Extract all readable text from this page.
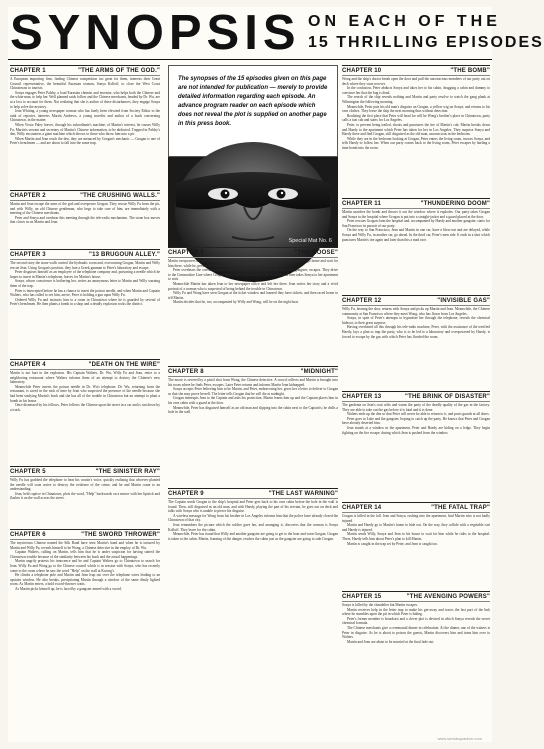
SYNOPSIS ON EACH OF THE
15 THRILLING EPISODES
CHAPTER 1	"THE ARMS OF THE GOD."

A European importing firm, finding Chinese competition too great for them, interests their Great Council representative, the beautiful Eurasian woman, Sonya Kolloff, to close the West Coast Chinatowns to tourists.

Sonya engages Peter Palsby, a loud Eurasian chemist and inventor, who helps both the Chinese and the white man, to help her. Well planned raids follow and the Chinese merchants, headed by Dr. Wu, are at a loss to account for them. Not realizing that she is author of these disturbances, they engage Sonya to help solve the mystery.

Jean Whiting, a young newspaper woman who has lately been elevated from Society Editor to the rank of reporter, interests Martin Andrews, a young novelist and author of a book concerning Chinatown, in the matter.

When Victor Paley leaves, through his subordinate's machine, of Martin's interest, he causes Willy Fu, Martin's servant and secretary of Martin's Chinese information, to be abducted. Trapped in Palsby's den, Willy encounters a giant machine which throws to those who throw him into a pit.

When Martin and Jean reach the den, they are menaced by Grogan's mechanic — Grogan is one of Peter's henchmen — and are about to fall into the same trap.

CHAPTER 2	"THE CRUSHING WALLS."

Martin and Jean escape the arms of the god and overpower Grogan. They rescue Willy Fu from the pit, and with Willy, an old Chinese gentleman, who begs to take care of him, are immediately with a meeting of the Chinese merchants.

Peter and Sonya and overhear this meeting through the tele-radio mechanism. The stone box moves that closes in on Martin and Jean.

CHAPTER 3	"13 BRUGOUN ALLEY."

The second story the stone walls control the hydraulic room and, overcoming Grogan, Martin and Willy rescue Jean. Using Grogan's position, they lure a Greek gunman to Peter's laboratory and escape.

Peter disguises himself as an employee of the telephone company and, poisoning a needle which he hopes to insert in Martin's telephone, leaves for Martin's house.

Sonya, whose conscience is bothering her, writes an anonymous letter to Martin and Willy warning them of the trap.

Peter is intercepted before he has a chance to insert the poison needle, and when Martin and Captain Walters, who has called to see him, arrive, Peter is holding a gun upon Willy Fu.

Ordered Willy Fu and instructs him to a room in Chinatown where he is guarded by several of Peter's henchmen. He then plants a bomb in a shop and a deadly explosion rocks the district.

CHAPTER 4	"DEATH ON THE WIRE"

Martin is not hurt in the explosion. His Captain Walters, Dr. Wu, Willy Fu and Jean, retire to a neighboring restaurant where Walters informs them of an attempt to destroy the Chinese's new laboratory.

Meanwhile Peter inserts the poison needle in Dr. Wu's telephone. Dr. Wu, returning from the restaurant, is saved in the nick of time by Jean who suspected the presence of the needle because she had been studying Martin's book and she has all of the trouble in Chinatown but an attempt to plant a bomb in his house.

Once dismissed by his fellows, Peter follows the Chinese upon the street in a car and is run down by a truck.

CHAPTER 5	"THE SINISTER RAY"

Willy Fu has grabbed the telephone to hear his cousin's voice, quickly realizing that whoever planted the needle will soon arrive to destroy the evidence of the crime, and he and Martin come to an understanding.

Jean, held captive in Chinatown, plots the word, "Help" backwards on a mirror with her lipstick and flashes it on the wall across the street.

CHAPTER 6	"THE SWORD THROWER"

The mysterious Chinese named the Silk Band have seen Martin's hand and when he is tortured by Martin and Willy Fu, reveals himself to be Wong, a Chinese detective in the employ of Dr. Wu.

Captain Walters, calling on Martin, tells him that he is under suspicion for having started the Chinatown trouble because of the similarity between his book and the actual happenings.

Martin angrily protests his innocence and he and Captain Walters go to Chinatown to search for Jean. Willy Fu and Wong go to the Chinese council which is in session with Sonya, who has recently come to the room where he saw the word "Help" on the wall at Kwong's.

He climbs a telephone pole and Martin and Jean leap out over the telephone wires leading to an upstairs window. He also breaks, precipitating Martin through a window of the same dimly lighted room. As Martin enters, a bold sword-thrower waits.

As Martin picks himself up, he is faced by a gangster armed with a sword.

The synopses of the 15 episodes given on this page are not intended for publication — merely to provide detailed information regarding each episode. An advance program reader on each episode which does not reveal the plot is supplied on another page in this press book.

Special Mat No. 6
CHAPTER 7	"THE NOOSE"

Martin overpowers the gangster, and taking Jean out of the den, meets Walters, who tells him to go home and wait for him there, while he, personally sees to it that the den is closed by the police.

Peter overhears the conversation and taking Grogan, Grogan, Haedy and one other gangster, escapes. They drive to the Commodore Line where Grogan buys tickets to Los Angeles for them all and then takes Sonya to her apartment to wait.

Meanwhile Martin has taken Jean to her newspaper office and left her there. Jean writes her story and a vivid portrait of a woman who is suspected of being behind the trouble in Chinatown.

Willy Fu and Wong have seen Grogan at the ticket window and learned they have tickets; and then raced home to tell Martin.

Martin decides that he, too, accompanied by Willy and Wong, will be on the night boat.

CHAPTER 8	"MIDNIGHT"

The noose is severed by a pistol shot from Wong, the Chinese detective. A crowd collects and Martin is brought into his room where he finds Peter, escapes. Later Peter returns and informs Martin Jean kidnapped.

Sonya accepts Peter believing him to be Martin, and Peter, endeavoring her, gives her a letter to deliver to Grogan so that she may prove herself. The letter tells Grogan that he will die at midnight.

Grogan interrupts Jean to the Captain and asks his protection. Martin learns him up and the Captain places him in his own cabin with a guard at the door.

Meanwhile, Peter has disguised himself as an old man and slipping into the cabin next to the Captain's; he drills a hole in the wall.

CHAPTER 9	"THE LAST WARNING"

The Captain sends Grogan to the ship's hospital and Peter gets back to his own cabin before the hole in the wall is found. Then, still disguised as an old man, and with Haedy, playing the part of his servant, he goes out on deck and talks with Sonya who is unable to pierce his disguise.

A wireless message for Wong from his brother in Los Angeles informs him that the police have already closed the Chinatown of that city.

Jean remembers the picture which the soldier gave her, and arranging it, discovers that the woman is Sonya Kolloff. They leave for the cabin.

Meanwhile, Peter has found that Willy and another gangster are going to get to the boat and warn Grogan. Grogan is taken to the cabin. Martin, learning of the danger, reaches the cabin just as the gangster are going to stab Grogan.

CHAPTER 10	"THE BOMB"

Wong and the ship's doctor break open the door and pull the unconscious members of our party out on deck where they soon recover.

In the confusion, Peter abducts Sonya and takes her to his cabin, drugging a cabin and dummy to convince her that the bug is dead.

The search of the ship reveals nothing and Martin and party resolve to watch the gang plank at Wilmington the following morning.

Meanwhile, Peter puts his old man's disguise on Grogan, a yellow wig on Sonya, and returns to his own clothes. They leave the ship the next morning thus without detection.

Realizing the first place that Peter will head for will be Wong's brother's place in Chinatown, party calls a taxi cab and starts for Los Angeles.

Peter, to prevent being trailed, shoots and punctures the tire of Martin's cab. Martin breaks down and Haedy to the apartment which Peter has taken for her in Los Angeles. They surprise Sonya and Haedy there and find Grogan, still disguised as the old man, unconscious in the bedroom.

While they are in the bedroom looking at Grogan, Peter enters the living room, trusses Sonya, and tells Haedy to follow her. When our party comes back to the living room, Peter escapes by hurling a time bomb into the room.

CHAPTER 11	"THUNDERING DOOM"

Martin snatches the bomb and throws it out the window where it explodes. Our party takes Grogan and Sonya to the hospital where Grogan is put into a straight-jacket and a guard placed at the door.

Peter rescues Grogan from the hospital and, accompanied by Haedy and another gangster, starts for San Francisco in pursuit of our party.

On the way to San Francisco, Jean and Martin in one car, have a blow-out and are delayed, while Sonya and Willy Fu, in another car, go ahead. In the third car, Peter's men ride. It ends in a shot which punctures Martin's tire again and later than this a mad race.

CHAPTER 12	"INVISIBLE GAS"

Willy Fu, hearing the shot, returns with Sonya and picks up Martin and Jean. Meanwhile, the Chinese community at San Francisco where they meet Wong, who has flown from Los Angeles.

Sonya, in spite of Peter's attempts to hypnotize her through the telephone, reveals the chemical hideout, to their great surprise.

Having overheard all this through his tele-radio machine, Peter, with the assistance of the terrified Haedy, lays a plan to trap the party, who is to be led to a laboratory and overpowered by Haedy, is forced to escape by the gas with which Peter has flooded the room.

CHAPTER 13	"THE BRINK OF DISASTER"

The gardenia on Jean's coat wilts and warns the party of the deadly quality of the gas in the factory. They are able to take out the gas before it is fatal and it is done.

Walters ends up the den so that Peter will never be able to return to it, and posts guards at all doors.

Peter goes to Lake and the gangster, hoping to catch up the party. He knows that Peter and Grogan have already deserted him.

Jean stands at a window in the apartment. Peter and Haedy are hiding on a ledge. They begin fighting on the fire escape, during which Jean is pushed from the window.

CHAPTER 14	"THE FATAL TRAP"

Grogan is killed in the fall. Jean and Sonya, rushing into the apartment, find Martin who is not badly injured.

Martin and Haedy go to Martin's home to hide out. On the way, they collide with a vegetable cart and Haedy is injured.

Martin sends Willy, Sonya and Jean to his house to wait for him while he rides to the hospital. There, Haedy tells him about Peter's plan to kill Martin.

Martin is caught in the trap set by Peter, and Jean is caught too.

CHAPTER 15	"THE AVENGING POWERS"

Sonya is killed by the chandelier but Martin escapes.

Martin receives help in the letter trap to make his get-away and traces the last part of the link where he stumbles upon the pit in which Peter is hiding.

Peter's former member is broadcast and a clever plot is devised in which Sonya reveals the secret chemical formula.

The Chinese merchants give a ceremonial dinner in celebration. At the dinner, one of the waiters is Peter in disguise. As he is about to poison the guests, Martin discovers him and turns him over to Walters.

Martin and Jean are about to be married at the final fade out.

www.serialsquadron.com
